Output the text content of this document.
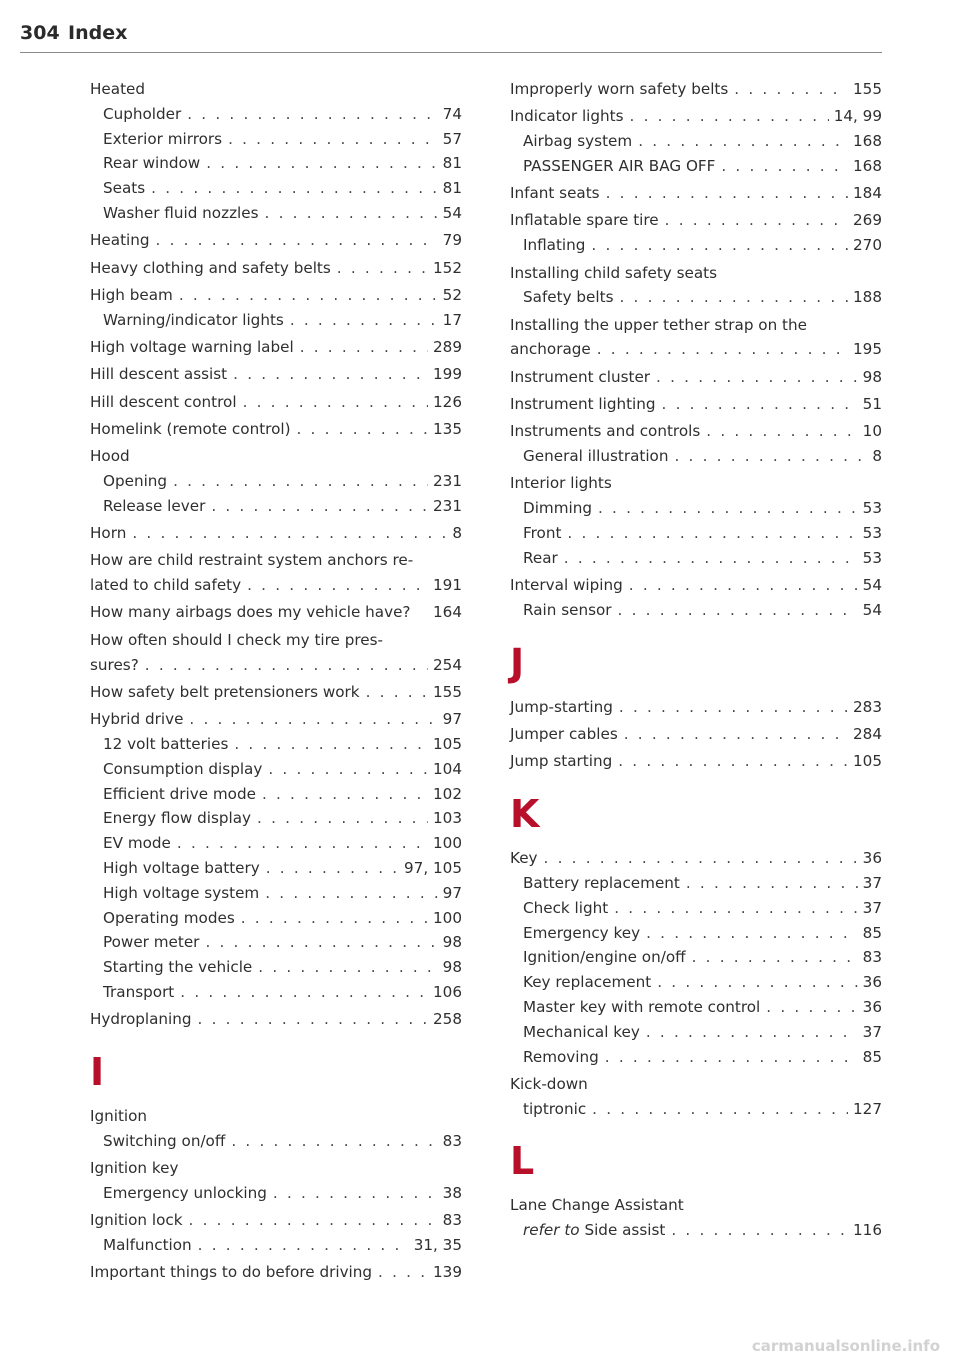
304 Index
Heated
Cupholder . . .	74
Exterior mirrors . . .	57
Rear window . . .	81
Seats . . .	81
Washer fluid nozzles . . .	54
Heating . . .	79
Heavy clothing and safety belts . . .	152
High beam . . .	52
Warning/indicator lights . . .	17
High voltage warning label . . .	289
Hill descent assist . . .	199
Hill descent control . . .	126
Homelink (remote control) . . .	135
Hood
Opening . . .	231
Release lever . . .	231
Horn . . .	8
How are child restraint system anchors re-
lated to child safety . . .	191
How many airbags does my vehicle have? 164
How often should I check my tire pres-
sures? . . .	254
How safety belt pretensioners work . . .	155
Hybrid drive . . .	97
12 volt batteries . . .	105
Consumption display . . .	104
Efficient drive mode . . .	102
Energy flow display . . .	103
EV mode . . .	100
High voltage battery . . .	97, 105
High voltage system . . .	97
Operating modes . . .	100
Power meter . . .	98
Starting the vehicle . . .	98
Transport . . .	106
Hydroplaning . . .	258
I
Ignition
Switching on/off . . .	83
Ignition key
Emergency unlocking . . .	38
Ignition lock . . .	83
Malfunction . . .	31, 35
Important things to do before driving . . .	139
Improperly worn safety belts . . .	155
Indicator lights . . .	14, 99
Airbag system . . .	168
PASSENGER AIR BAG OFF . . .	168
Infant seats . . .	184
Inflatable spare tire . . .	269
Inflating . . .	270
Installing child safety seats
Safety belts . . .	188
Installing the upper tether strap on the
anchorage . . .	195
Instrument cluster . . .	98
Instrument lighting . . .	51
Instruments and controls . . .	10
General illustration . . .	8
Interior lights
Dimming . . .	53
Front . . .	53
Rear . . .	53
Interval wiping . . .	54
Rain sensor . . .	54
J
Jump-starting . . .	283
Jumper cables . . .	284
Jump starting . . .	105
K
Key . . .	36
Battery replacement . . .	37
Check light . . .	37
Emergency key . . .	85
Ignition/engine on/off . . .	83
Key replacement . . .	36
Master key with remote control . . .	36
Mechanical key . . .	37
Removing . . .	85
Kick-down
tiptronic . . .	127
L
Lane Change Assistant
refer to Side assist . . .	116
carmanualsonline.info
